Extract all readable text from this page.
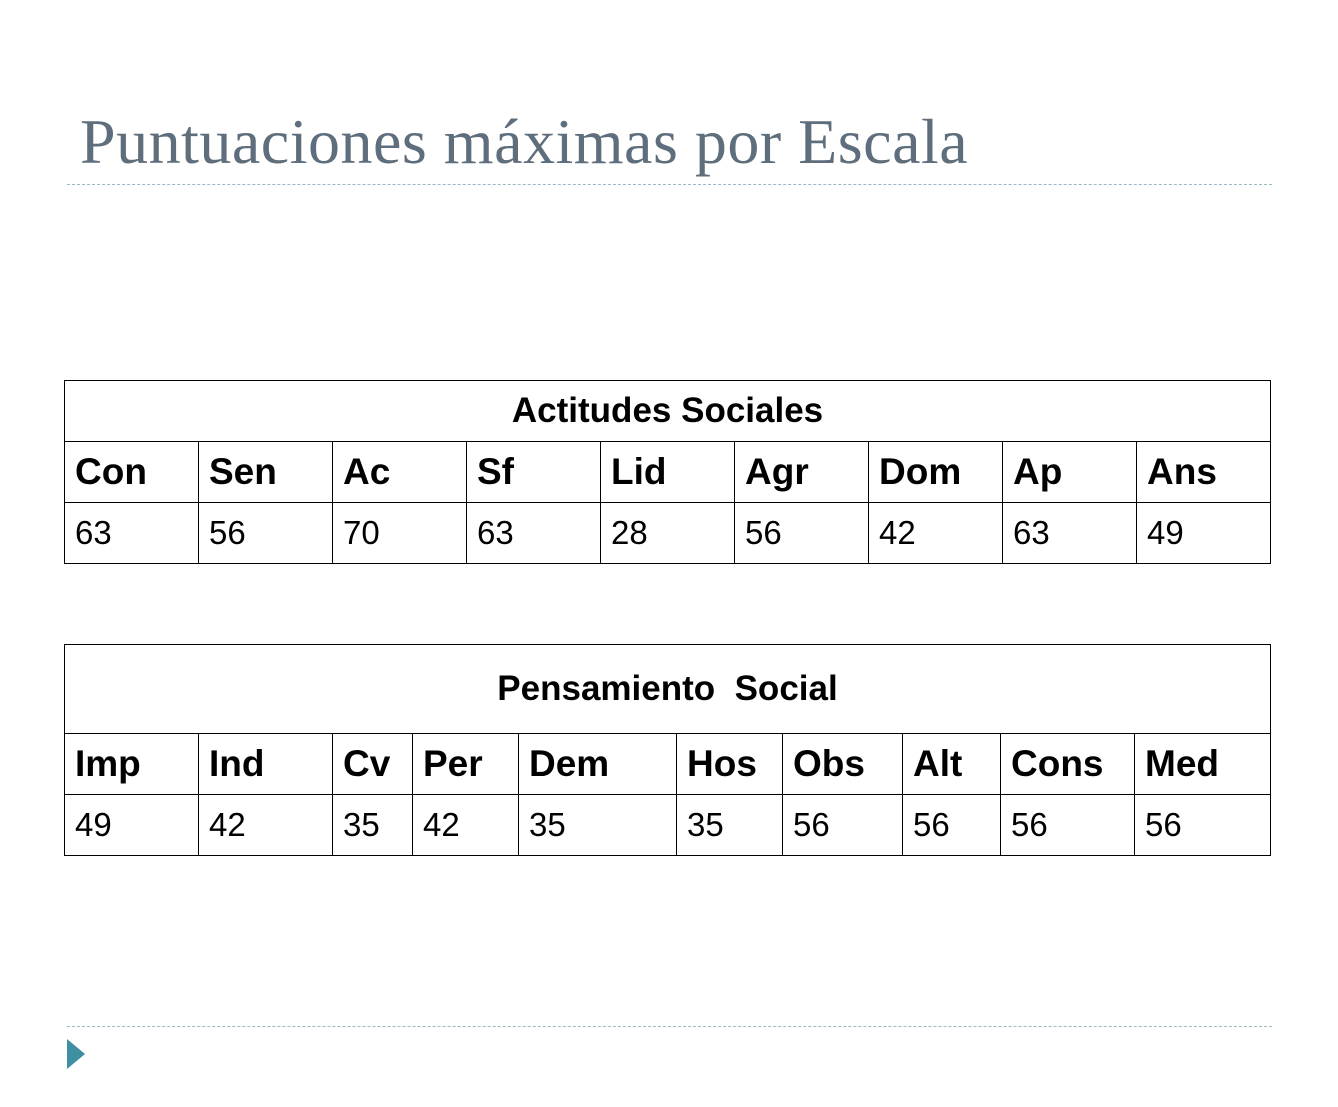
Puntuaciones máximas por Escala
Actitudes Sociales								
Con	Sen	Ac	Sf	Lid	Agr	Dom	Ap	Ans
63	56	70	63	28	56	42	63	49
Pensamiento  Social									
Imp	Ind	Cv	Per	Dem	Hos	Obs	Alt	Cons	Med
49	42	35	42	35	35	56	56	56	56
